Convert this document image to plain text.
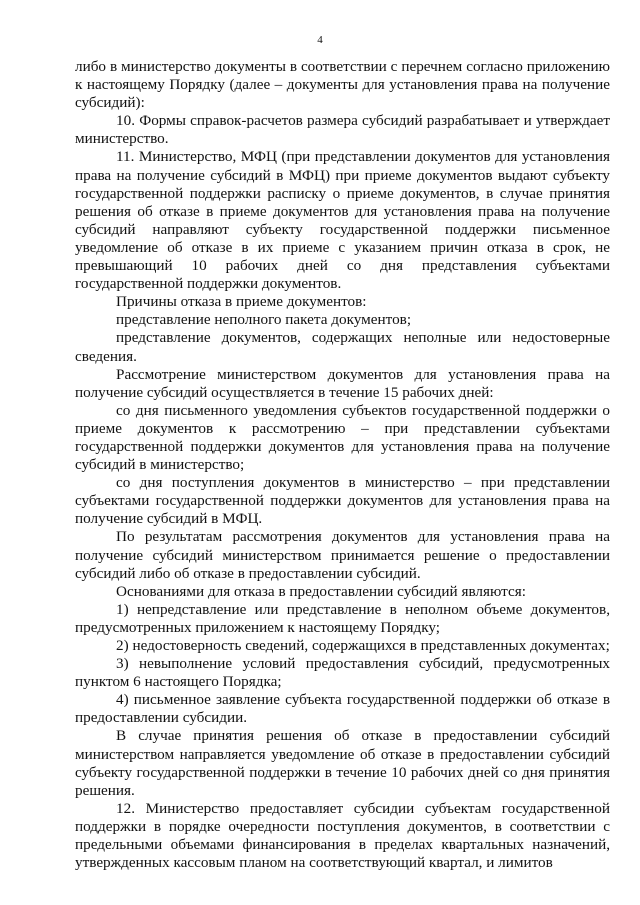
4

либо в министерство документы в соответствии с перечнем согласно приложению к настоящему Порядку (далее – документы для установления права на получение субсидий):

10. Формы справок-расчетов размера субсидий разрабатывает и утверждает министерство.

11. Министерство, МФЦ (при представлении документов для установления права на получение субсидий в МФЦ) при приеме документов выдают субъекту государственной поддержки расписку о приеме документов, в случае принятия решения об отказе в приеме документов для установления права на получение субсидий направляют субъекту государственной поддержки письменное уведомление об отказе в их приеме с указанием причин отказа в срок, не превышающий 10 рабочих дней со дня представления субъектами государственной поддержки документов.

Причины отказа в приеме документов:

представление неполного пакета документов;

представление документов, содержащих неполные или недостоверные сведения.

Рассмотрение министерством документов для установления права на получение субсидий осуществляется в течение 15 рабочих дней:

со дня письменного уведомления субъектов государственной поддержки о приеме документов к рассмотрению – при представлении субъектами государственной поддержки документов для установления права на получение субсидий в министерство;

со дня поступления документов в министерство – при представлении субъектами государственной поддержки документов для установления права на получение субсидий в МФЦ.

По результатам рассмотрения документов для установления права на получение субсидий министерством принимается решение о предоставлении субсидий либо об отказе в предоставлении субсидий.

Основаниями для отказа в предоставлении субсидий являются:

1) непредставление или представление в неполном объеме документов, предусмотренных приложением к настоящему Порядку;

2) недостоверность сведений, содержащихся в представленных документах;

3) невыполнение условий предоставления субсидий, предусмотренных пунктом 6 настоящего Порядка;

4) письменное заявление субъекта государственной поддержки об отказе в предоставлении субсидии.

В случае принятия решения об отказе в предоставлении субсидий министерством направляется уведомление об отказе в предоставлении субсидий субъекту государственной поддержки в течение 10 рабочих дней со дня принятия решения.

12. Министерство предоставляет субсидии субъектам государственной поддержки в порядке очередности поступления документов, в соответствии с предельными объемами финансирования в пределах квартальных назначений, утвержденных кассовым планом на соответствующий квартал, и лимитов
